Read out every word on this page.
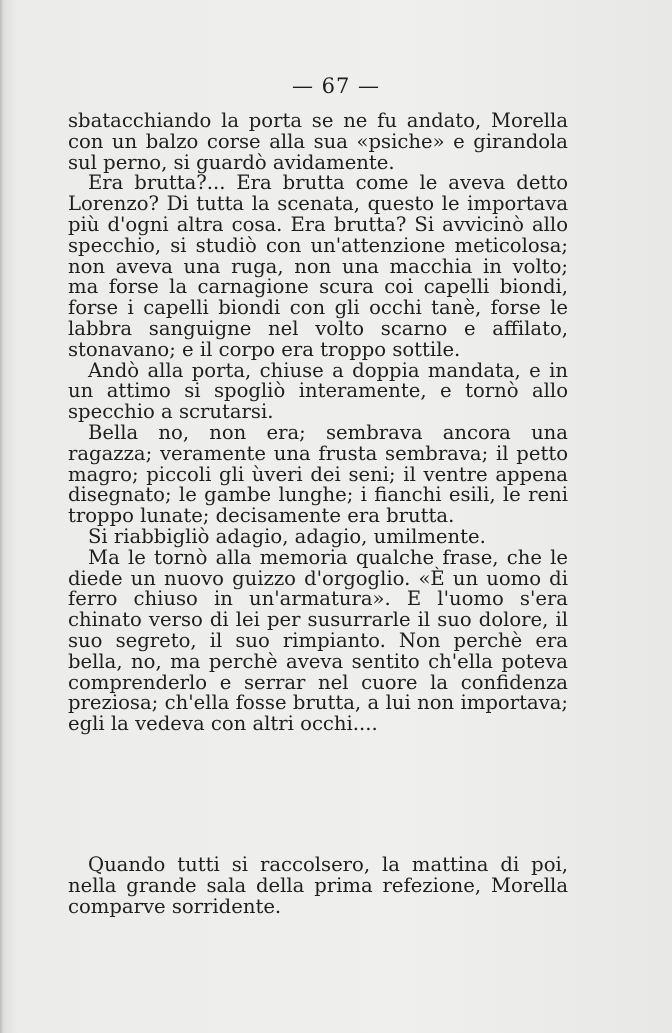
— 67 —

sbatacchiando la porta se ne fu andato, Morella con un balzo corse alla sua «psiche» e girandola sul perno, si guardò avidamente.

Era brutta?... Era brutta come le aveva detto Lorenzo? Di tutta la scenata, questo le importava più d'ogni altra cosa. Era brutta? Si avvicinò allo specchio, si studiò con un'attenzione meticolosa; non aveva una ruga, non una macchia in volto; ma forse la carnagione scura coi capelli biondi, forse i capelli biondi con gli occhi tanè, forse le labbra sanguigne nel volto scarno e affilato, stonavano; e il corpo era troppo sottile.

Andò alla porta, chiuse a doppia mandata, e in un attimo si spogliò interamente, e tornò allo specchio a scrutarsi.

Bella no, non era; sembrava ancora una ragazza; veramente una frusta sembrava; il petto magro; piccoli gli ùveri dei seni; il ventre appena disegnato; le gambe lunghe; i fianchi esili, le reni troppo lunate; decisamente era brutta.

Si riabbigliò adagio, adagio, umilmente.

Ma le tornò alla memoria qualche frase, che le diede un nuovo guizzo d'orgoglio. «È un uomo di ferro chiuso in un'armatura». E l'uomo s'era chinato verso di lei per susurrarle il suo dolore, il suo segreto, il suo rimpianto. Non perchè era bella, no, ma perchè aveva sentito ch'ella poteva comprenderlo e serrar nel cuore la confidenza preziosa; ch'ella fosse brutta, a lui non importava; egli la vedeva con altri occhi....

Quando tutti si raccolsero, la mattina di poi, nella grande sala della prima refezione, Morella comparve sorridente.
